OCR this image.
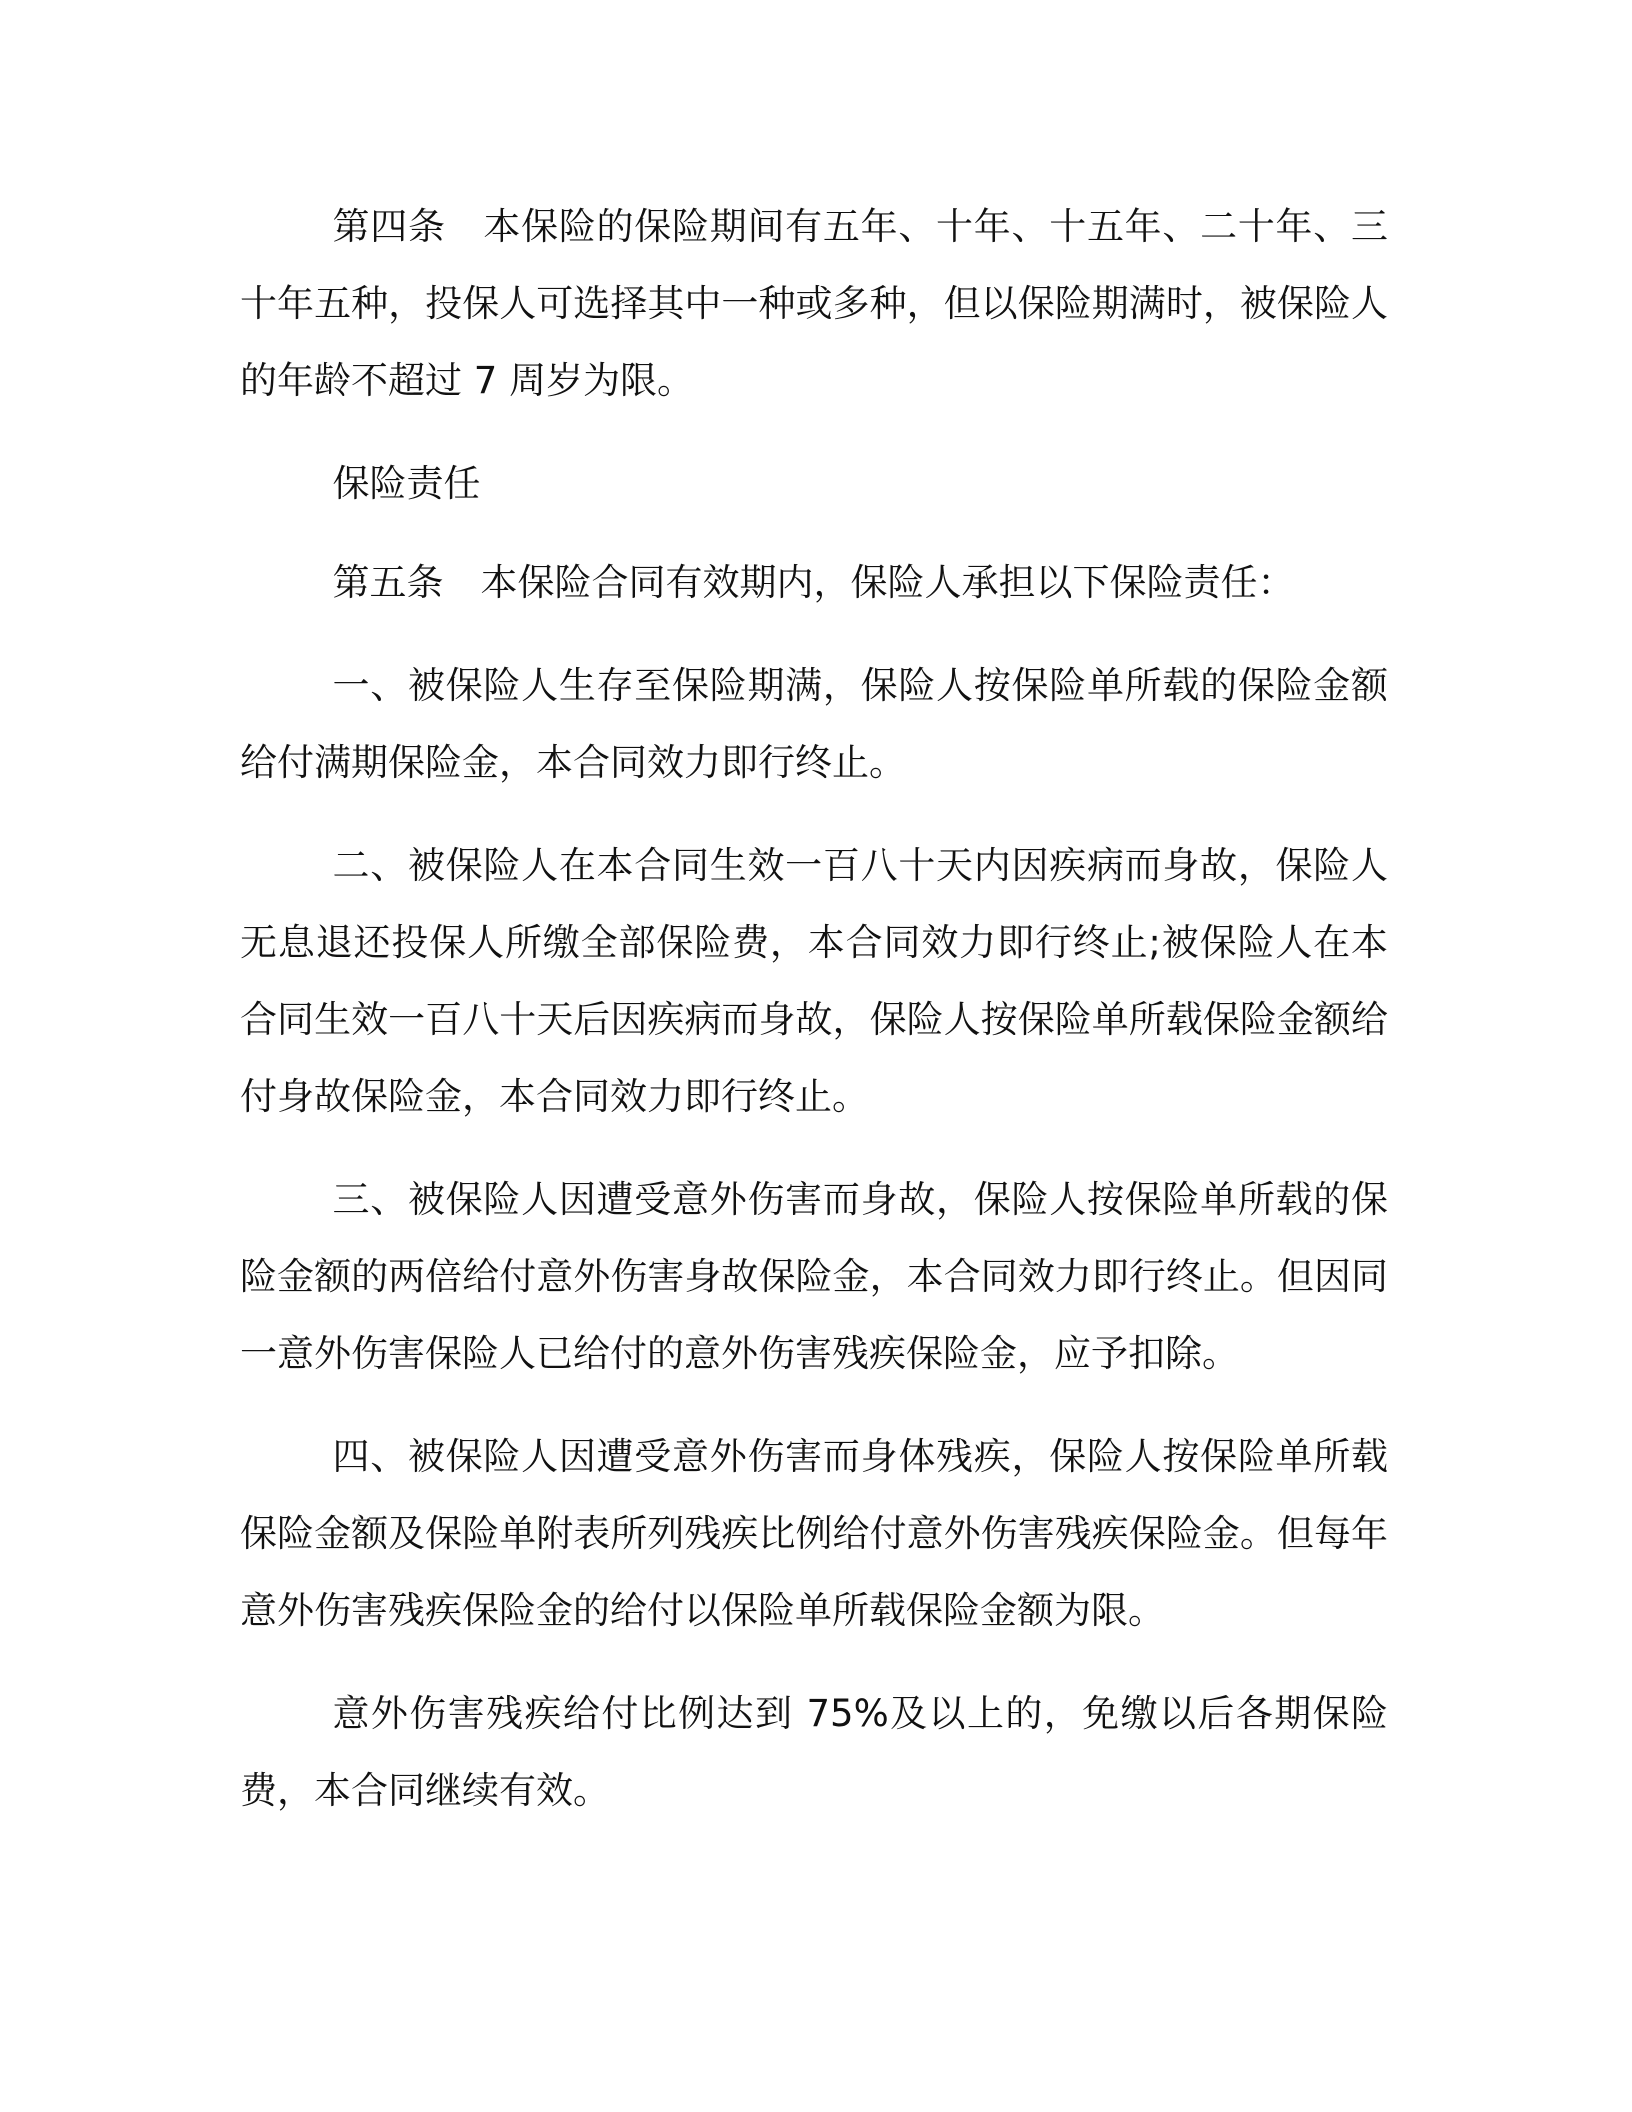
第四条　本保险的保险期间有五年、十年、十五年、二十年、三十年五种，投保人可选择其中一种或多种，但以保险期满时，被保险人的年龄不超过 7 周岁为限。

保险责任

第五条　本保险合同有效期内，保险人承担以下保险责任：

一、被保险人生存至保险期满，保险人按保险单所载的保险金额给付满期保险金，本合同效力即行终止。

二、被保险人在本合同生效一百八十天内因疾病而身故，保险人无息退还投保人所缴全部保险费，本合同效力即行终止;被保险人在本合同生效一百八十天后因疾病而身故，保险人按保险单所载保险金额给付身故保险金，本合同效力即行终止。

三、被保险人因遭受意外伤害而身故，保险人按保险单所载的保险金额的两倍给付意外伤害身故保险金，本合同效力即行终止。但因同一意外伤害保险人已给付的意外伤害残疾保险金，应予扣除。

四、被保险人因遭受意外伤害而身体残疾，保险人按保险单所载保险金额及保险单附表所列残疾比例给付意外伤害残疾保险金。但每年意外伤害残疾保险金的给付以保险单所载保险金额为限。

意外伤害残疾给付比例达到 75%及以上的，免缴以后各期保险费，本合同继续有效。
